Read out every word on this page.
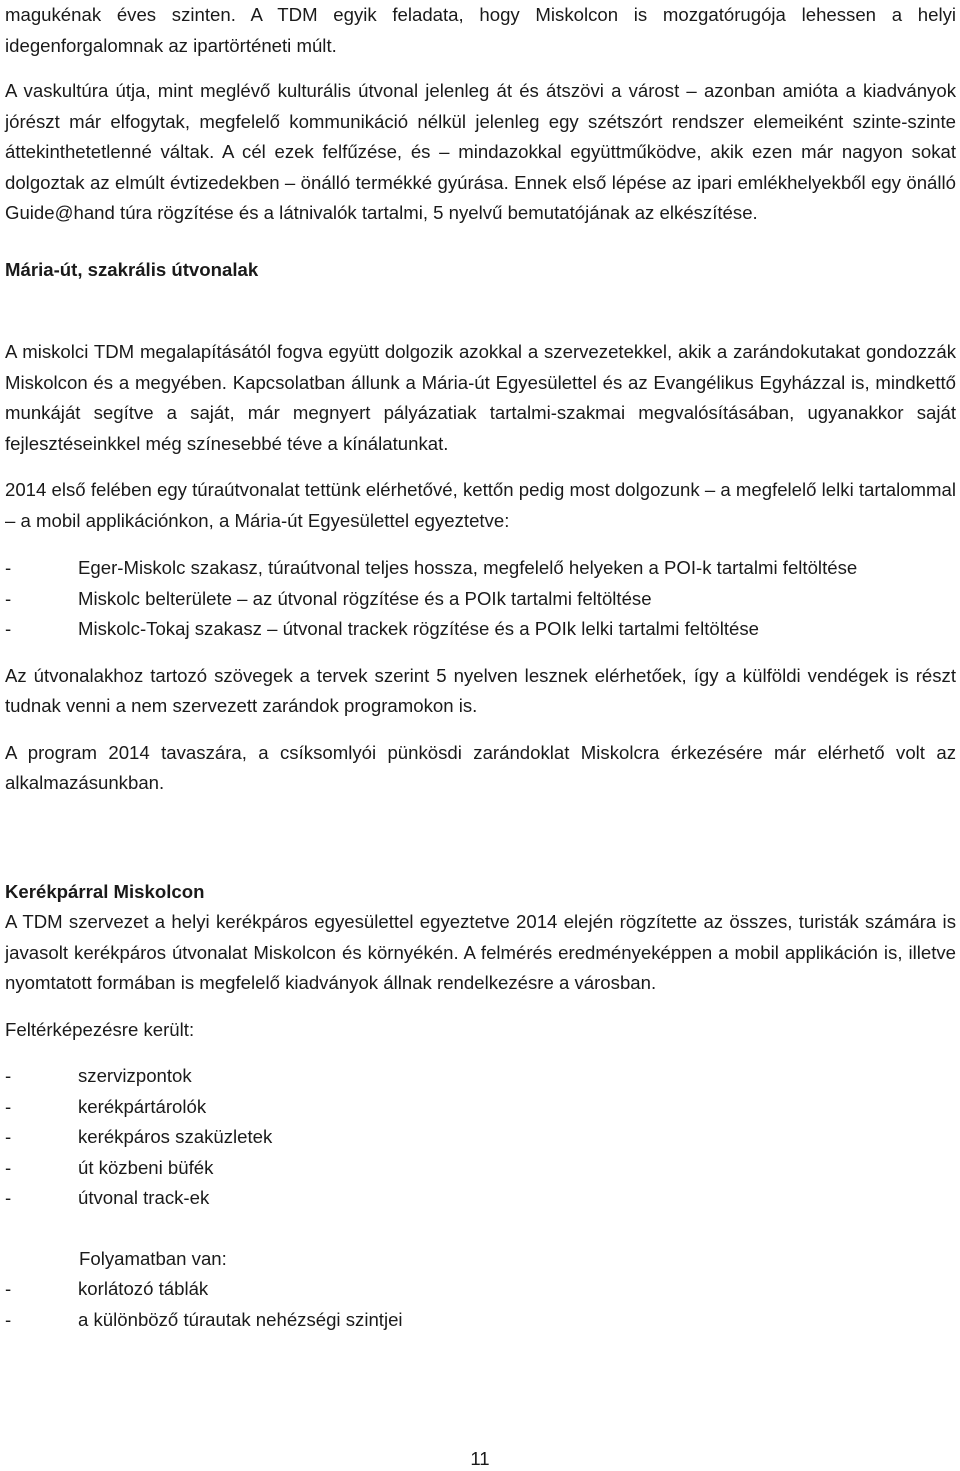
magukénak éves szinten. A TDM egyik feladata, hogy Miskolcon is mozgatórugója lehessen a helyi

idegenforgalomnak az ipartörténeti múlt.

A vaskultúra útja, mint meglévő kulturális útvonal jelenleg át és átszövi a várost – azonban amióta a kiadványok jórészt már elfogytak, megfelelő kommunikáció nélkül jelenleg egy szétszórt rendszer elemeiként szinte-szinte áttekinthetetlenné váltak. A cél ezek felfűzése, és – mindazokkal együttműködve, akik ezen már nagyon sokat dolgoztak az elmúlt évtizedekben – önálló termékké gyúrása. Ennek első lépése az ipari emlékhelyekből egy önálló Guide@hand túra rögzítése és a látnivalók tartalmi, 5 nyelvű bemutatójának az elkészítése.

Mária-út, szakrális útvonalak

A miskolci TDM megalapításától fogva együtt dolgozik azokkal a szervezetekkel, akik a zarándokutakat gondozzák Miskolcon és a megyében. Kapcsolatban állunk a Mária-út Egyesülettel és az Evangélikus Egyházzal is, mindkettő munkáját segítve a saját, már megnyert pályázatiak tartalmi-szakmai megvalósításában, ugyanakkor saját fejlesztéseinkkel még színesebbé téve a kínálatunkat.

2014 első felében egy túraútvonalat tettünk elérhetővé, kettőn pedig most dolgozunk – a megfelelő lelki tartalommal – a mobil applikációnkon, a Mária-út Egyesülettel egyeztetve:

-	Eger-Miskolc szakasz, túraútvonal teljes hossza, megfelelő helyeken a POI-k tartalmi feltöltése
-	Miskolc belterülete – az útvonal rögzítése és a POIk tartalmi feltöltése
-	Miskolc-Tokaj szakasz – útvonal trackek rögzítése és a POIk lelki tartalmi feltöltése

Az útvonalakhoz tartozó szövegek a tervek szerint 5 nyelven lesznek elérhetőek, így a külföldi vendégek is részt tudnak venni a nem szervezett zarándok programokon is.

A program 2014 tavaszára, a csíksomlyói pünkösdi zarándoklat Miskolcra érkezésére már elérhető volt az alkalmazásunkban.

Kerékpárral Miskolcon

A TDM szervezet a helyi kerékpáros egyesülettel egyeztetve 2014 elején rögzítette az összes, turisták számára is javasolt kerékpáros útvonalat Miskolcon és környékén. A felmérés eredményeképpen a mobil applikáción is, illetve nyomtatott formában is megfelelő kiadványok állnak rendelkezésre a városban.

Feltérképezésre került:

-	szervizpontok
-	kerékpártárolók
-	kerékpáros szaküzletek
-	út közbeni büfék
-	útvonal track-ek

Folyamatban van:

-	korlátozó táblák
-	a különböző túrautak nehézségi szintjei
11
